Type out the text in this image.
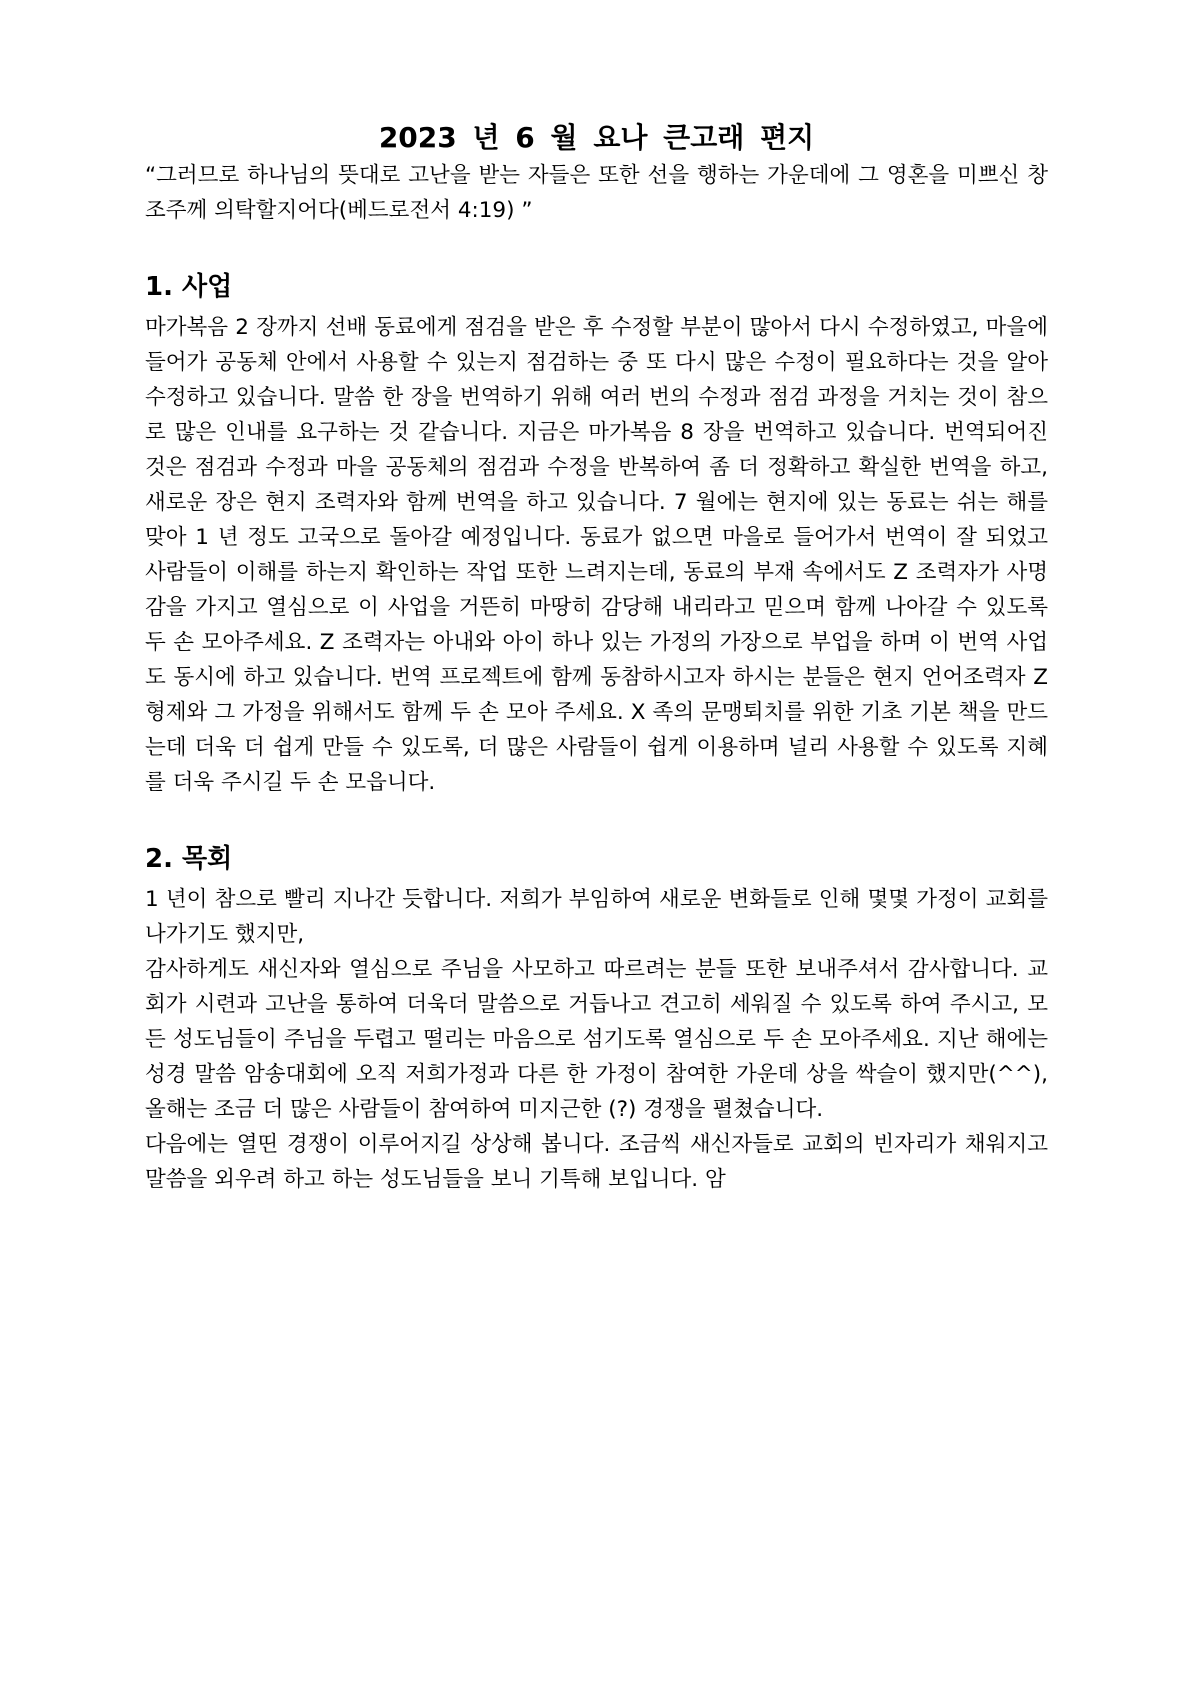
2023 년 6 월 요나 큰고래 편지

“그러므로 하나님의 뜻대로 고난을 받는 자들은 또한 선을 행하는 가운데에 그 영혼을 미쁘신 창조주께 의탁할지어다(베드로전서 4:19) ”

1. 사업

마가복음 2 장까지 선배 동료에게 점검을 받은 후 수정할 부분이 많아서 다시 수정하였고, 마을에 들어가 공동체 안에서 사용할 수 있는지 점검하는 중 또 다시 많은 수정이 필요하다는 것을 알아 수정하고 있습니다. 말씀 한 장을 번역하기 위해 여러 번의 수정과 점검 과정을 거치는 것이 참으로 많은 인내를 요구하는 것 같습니다. 지금은 마가복음 8 장을 번역하고 있습니다. 번역되어진 것은 점검과 수정과 마을 공동체의 점검과 수정을 반복하여 좀 더 정확하고 확실한 번역을 하고, 새로운 장은 현지 조력자와 함께 번역을 하고 있습니다. 7 월에는 현지에 있는 동료는 쉬는 해를 맞아 1 년 정도 고국으로 돌아갈 예정입니다. 동료가 없으면 마을로 들어가서 번역이 잘 되었고 사람들이 이해를 하는지 확인하는 작업 또한 느려지는데, 동료의 부재 속에서도 Z 조력자가 사명감을 가지고 열심으로 이 사업을 거뜬히 마땅히 감당해 내리라고 믿으며 함께 나아갈 수 있도록 두 손 모아주세요. Z 조력자는 아내와 아이 하나 있는 가정의 가장으로 부업을 하며 이 번역 사업도 동시에 하고 있습니다. 번역 프로젝트에 함께 동참하시고자 하시는 분들은 현지 언어조력자 Z 형제와 그 가정을 위해서도 함께 두 손 모아 주세요. X 족의 문맹퇴치를 위한 기초 기본 책을 만드는데 더욱 더 쉽게 만들 수 있도록, 더 많은 사람들이 쉽게 이용하며 널리 사용할 수 있도록 지혜를 더욱 주시길 두 손 모읍니다.

2. 목회

1 년이 참으로 빨리 지나간 듯합니다. 저희가 부임하여 새로운 변화들로 인해 몇몇 가정이 교회를 나가기도 했지만,

감사하게도 새신자와 열심으로 주님을 사모하고 따르려는 분들 또한 보내주셔서 감사합니다. 교회가 시련과 고난을 통하여 더욱더 말씀으로 거듭나고 견고히 세워질 수 있도록 하여 주시고, 모든 성도님들이 주님을 두렵고 떨리는 마음으로 섬기도록 열심으로 두 손 모아주세요. 지난 해에는 성경 말씀 암송대회에 오직 저희가정과 다른 한 가정이 참여한 가운데 상을 싹슬이 했지만(^^), 올해는 조금 더 많은 사람들이 참여하여 미지근한 (?) 경쟁을 펼쳤습니다.

다음에는 열띤 경쟁이 이루어지길 상상해 봅니다. 조금씩 새신자들로 교회의 빈자리가 채워지고 말씀을 외우려 하고 하는 성도님들을 보니 기특해 보입니다. 암
